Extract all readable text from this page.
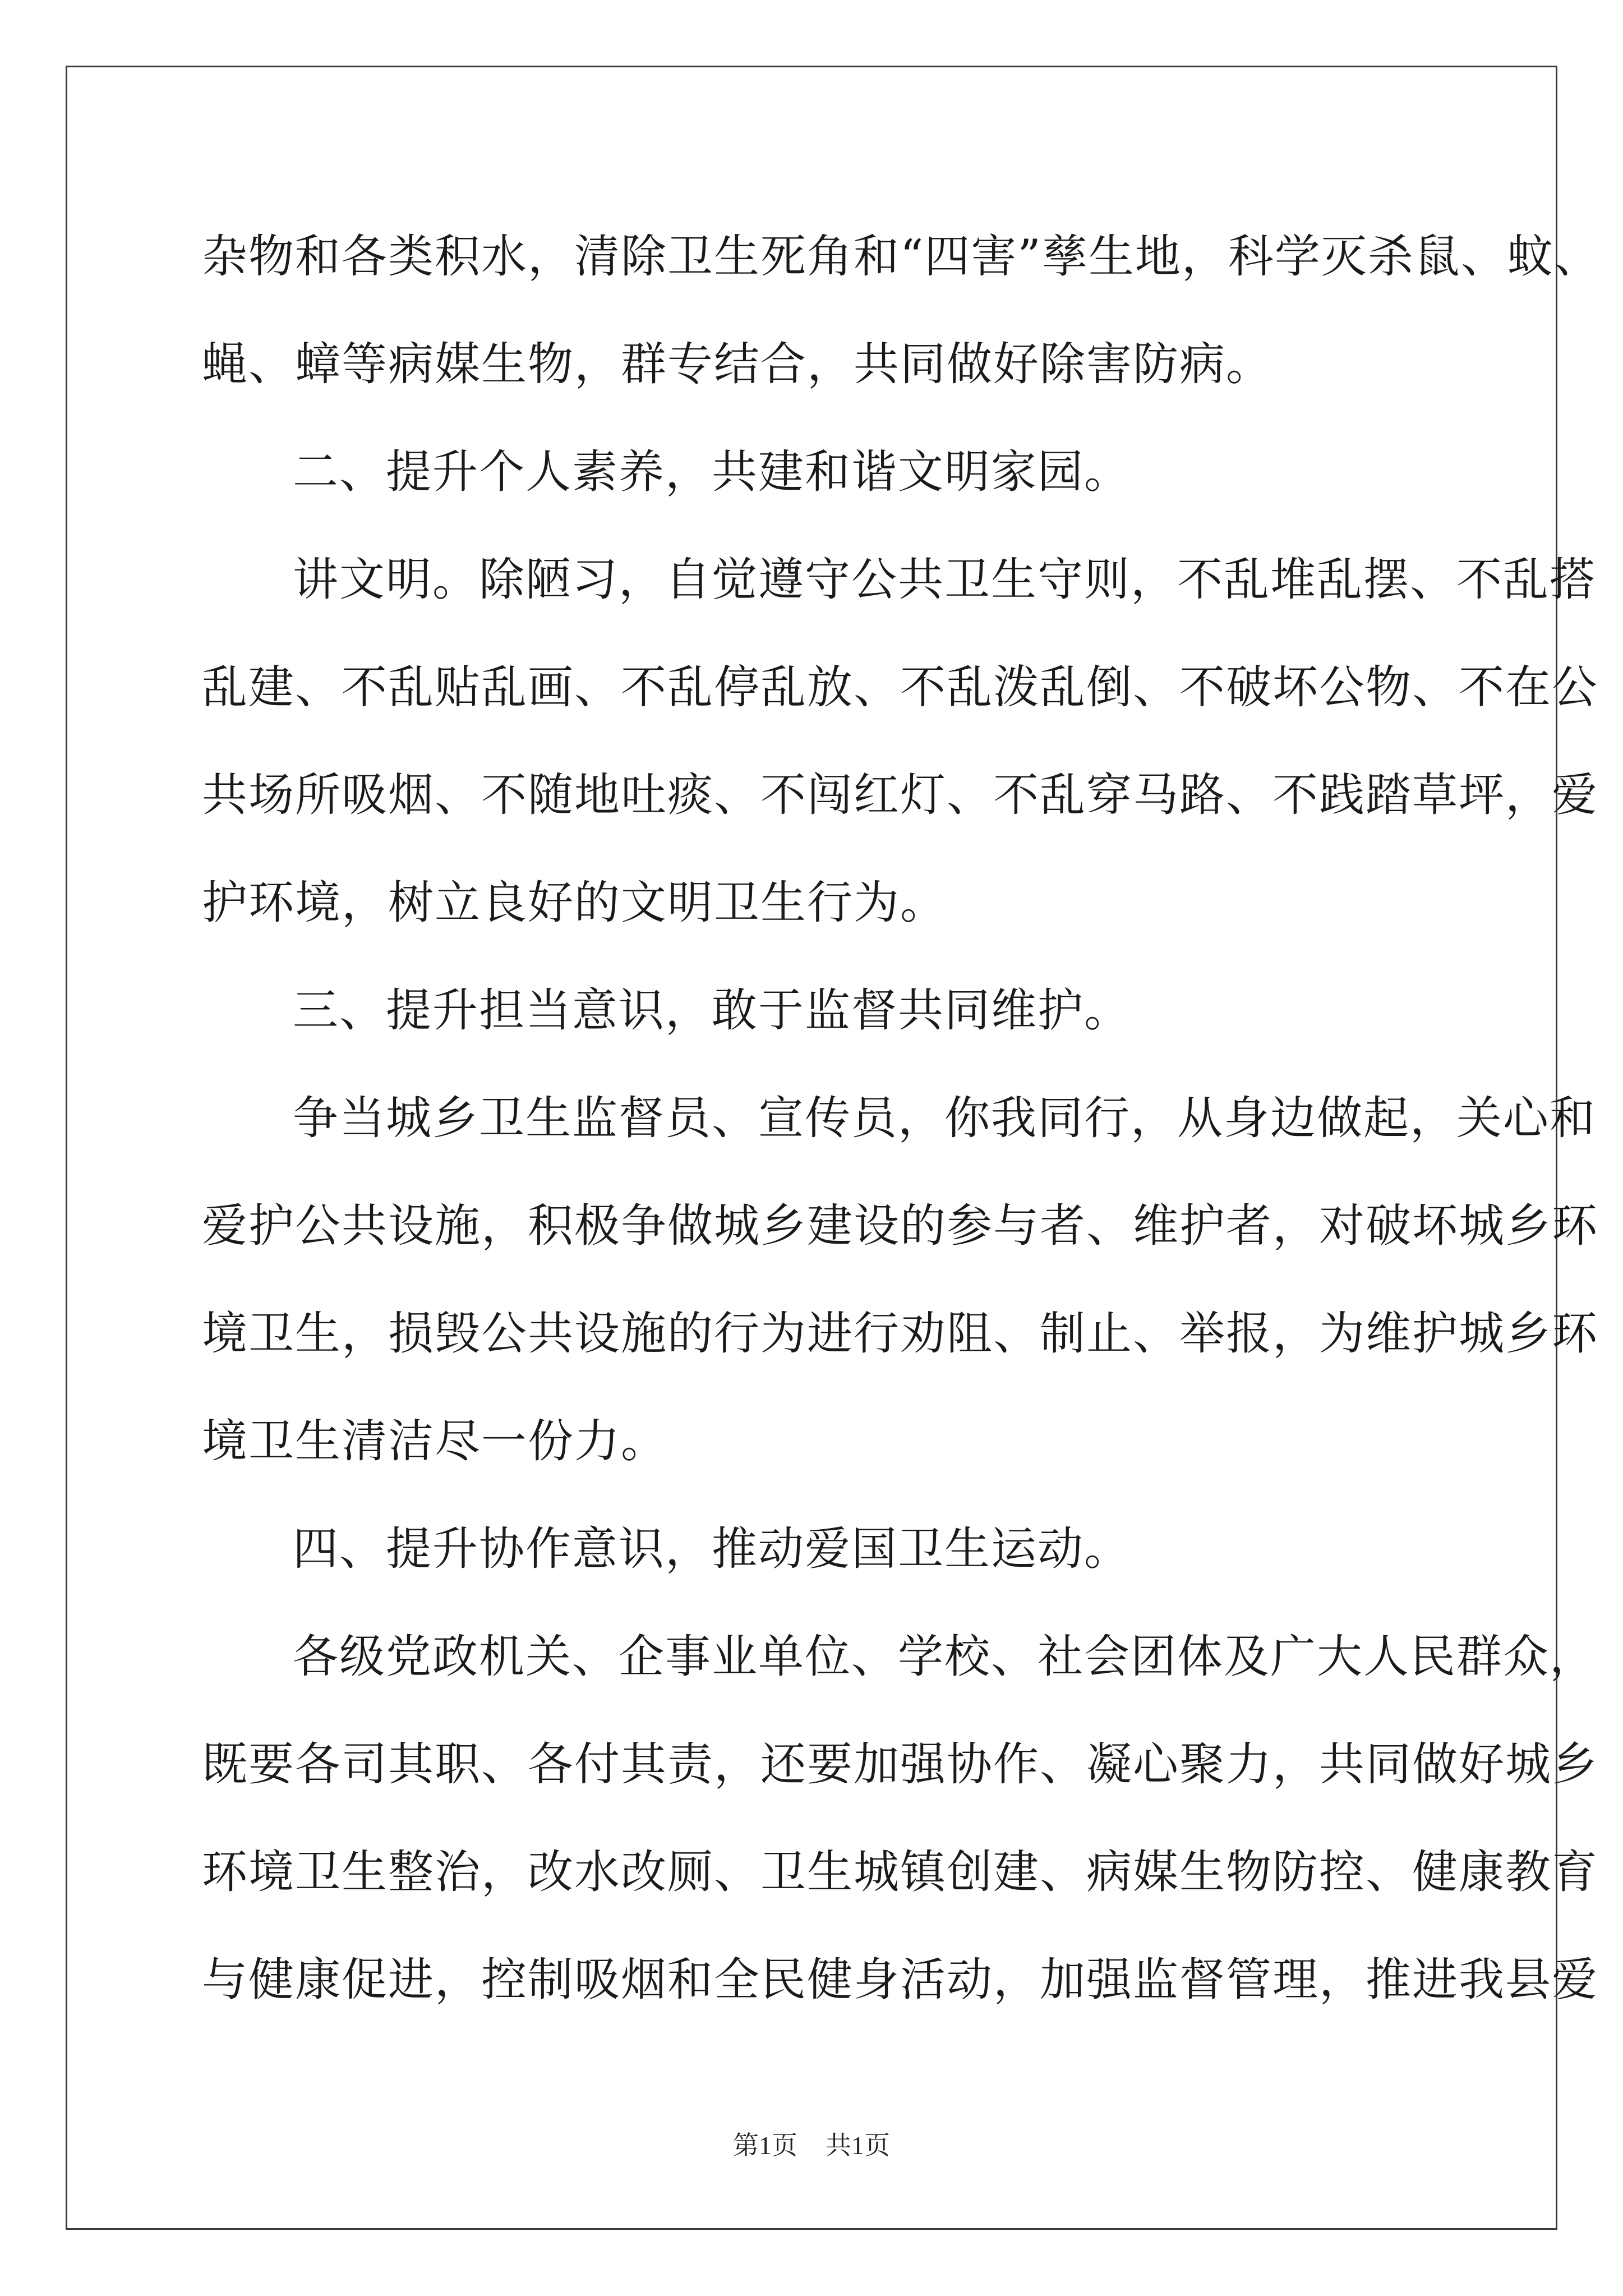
杂物和各类积水，清除卫生死角和“四害”孳生地，科学灭杀鼠、蚊、
蝇、蟑等病媒生物，群专结合，共同做好除害防病。
二、提升个人素养，共建和谐文明家园。
讲文明。除陋习，自觉遵守公共卫生守则，不乱堆乱摆、不乱搭
乱建、不乱贴乱画、不乱停乱放、不乱泼乱倒、不破坏公物、不在公
共场所吸烟、不随地吐痰、不闯红灯、不乱穿马路、不践踏草坪，爱
护环境，树立良好的文明卫生行为。
三、提升担当意识，敢于监督共同维护。
争当城乡卫生监督员、宣传员，你我同行，从身边做起，关心和
爱护公共设施，积极争做城乡建设的参与者、维护者，对破坏城乡环
境卫生，损毁公共设施的行为进行劝阻、制止、举报，为维护城乡环
境卫生清洁尽一份力。
四、提升协作意识，推动爱国卫生运动。
各级党政机关、企事业单位、学校、社会团体及广大人民群众，
既要各司其职、各付其责，还要加强协作、凝心聚力，共同做好城乡
环境卫生整治，改水改厕、卫生城镇创建、病媒生物防控、健康教育
与健康促进，控制吸烟和全民健身活动，加强监督管理，推进我县爱
第1页 共1页
